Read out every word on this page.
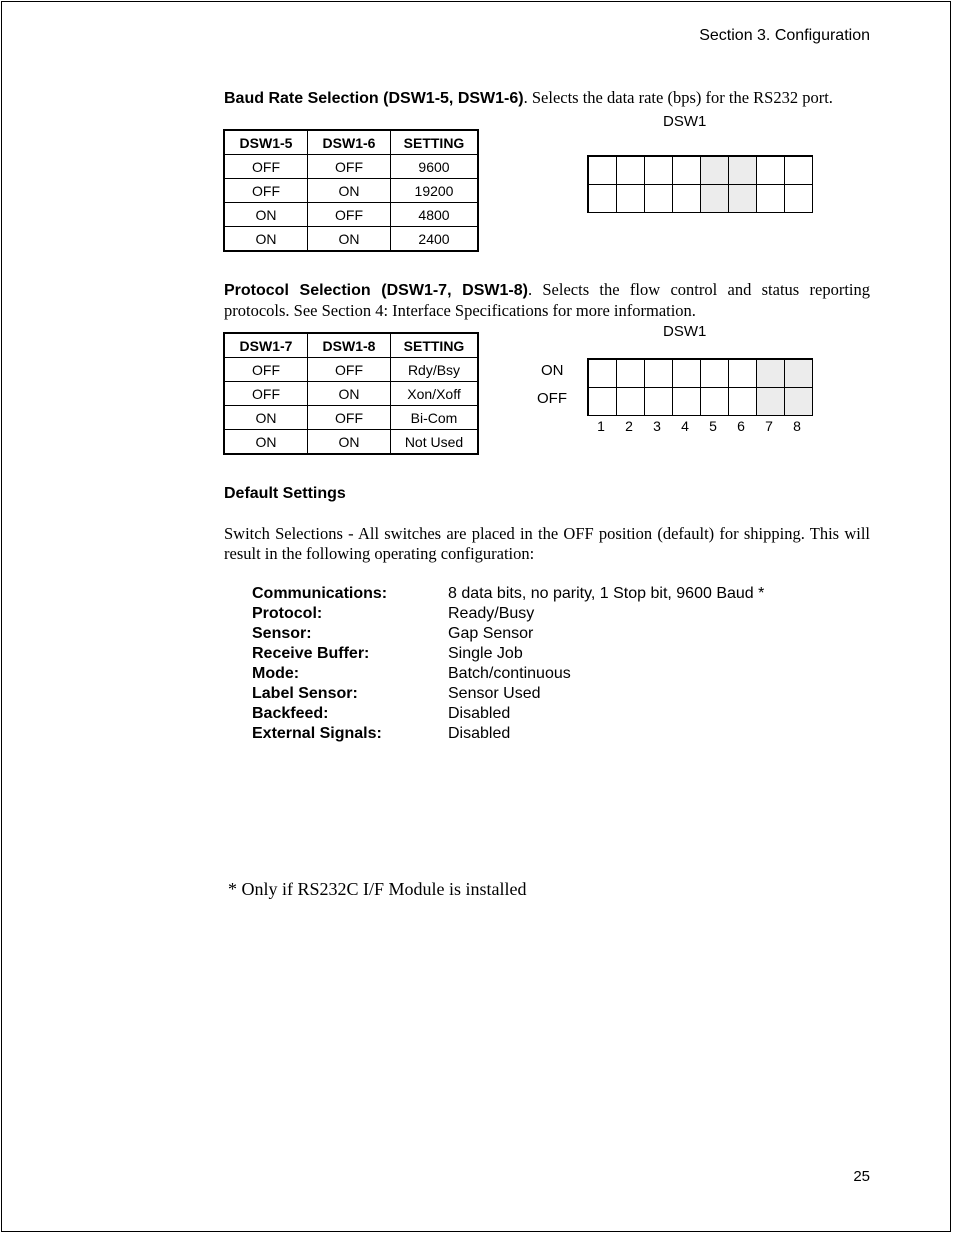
Section 3. Configuration
Baud Rate Selection (DSW1-5, DSW1-6). Selects the data rate (bps) for the RS232 port.
DSW1-5	DSW1-6	SETTING
OFF	OFF	9600
OFF	ON	19200
ON	OFF	4800
ON	ON	2400
DSW1
Protocol Selection (DSW1-7, DSW1-8). Selects the flow control and status reporting protocols. See Section 4: Interface Specifications for more information.
DSW1-7	DSW1-8	SETTING
OFF	OFF	Rdy/Bsy
OFF	ON	Xon/Xoff
ON	OFF	Bi-Com
ON	ON	Not Used
DSW1
ON
OFF
1	2	3	4	5	6	7	8
Default Settings
Switch Selections - All switches are placed in the OFF position (default) for shipping. This will result in the following operating configuration:
Communications:	8 data bits, no parity, 1 Stop bit, 9600 Baud *
Protocol:	Ready/Busy
Sensor:	Gap Sensor
Receive Buffer:	Single Job
Mode:	Batch/continuous
Label Sensor:	Sensor Used
Backfeed:	Disabled
External Signals:	Disabled
* Only if RS232C I/F Module is installed
25
